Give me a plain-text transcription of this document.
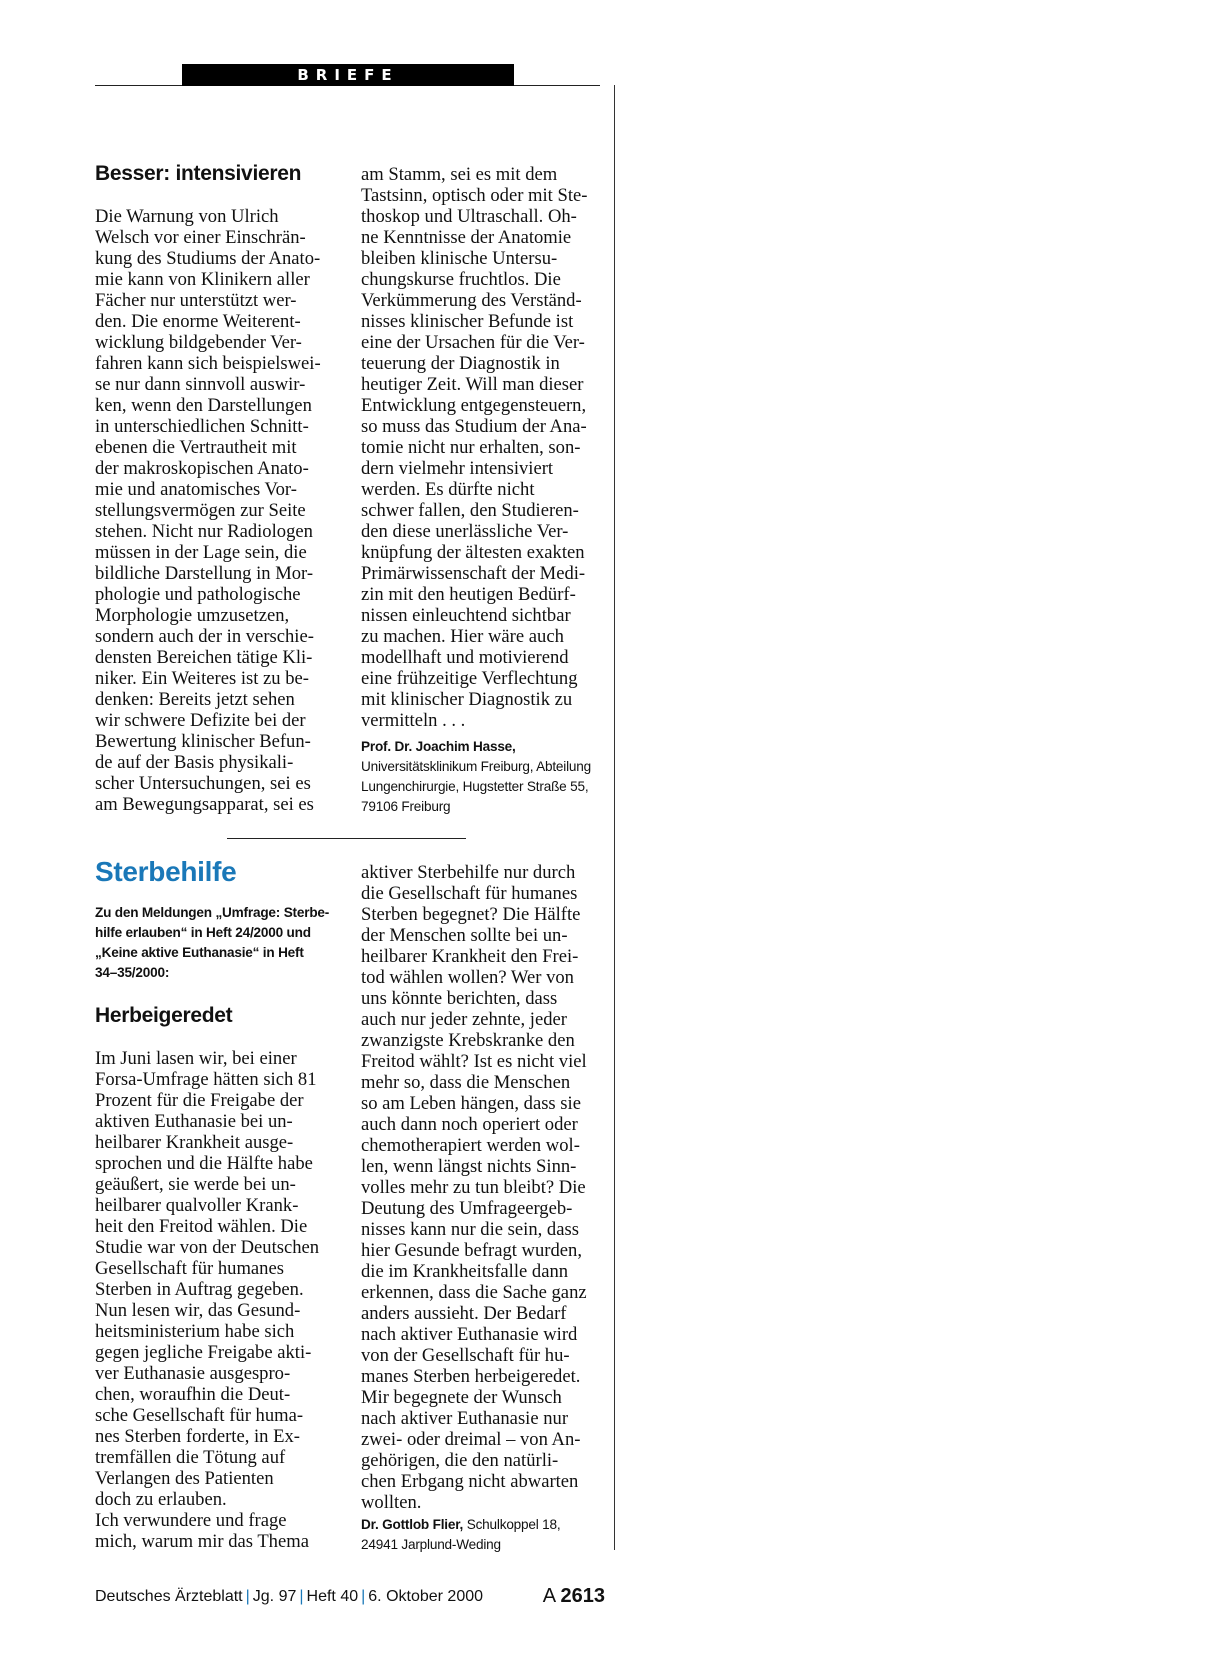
BRIEFE
Besser: intensivieren
Die Warnung von Ulrich
Welsch vor einer Einschrän-
kung des Studiums der Anato-
mie kann von Klinikern aller
Fächer nur unterstützt wer-
den. Die enorme Weiterent-
wicklung bildgebender Ver-
fahren kann sich beispielswei-
se nur dann sinnvoll auswir-
ken, wenn den Darstellungen
in unterschiedlichen Schnitt-
ebenen die Vertrautheit mit
der makroskopischen Anato-
mie und anatomisches Vor-
stellungsvermögen zur Seite
stehen. Nicht nur Radiologen
müssen in der Lage sein, die
bildliche Darstellung in Mor-
phologie und pathologische
Morphologie umzusetzen,
sondern auch der in verschie-
densten Bereichen tätige Kli-
niker. Ein Weiteres ist zu be-
denken: Bereits jetzt sehen
wir schwere Defizite bei der
Bewertung klinischer Befun-
de auf der Basis physikali-
scher Untersuchungen, sei es
am Bewegungsapparat, sei es
am Stamm, sei es mit dem
Tastsinn, optisch oder mit Ste-
thoskop und Ultraschall. Oh-
ne Kenntnisse der Anatomie
bleiben klinische Untersu-
chungskurse fruchtlos. Die
Verkümmerung des Verständ-
nisses klinischer Befunde ist
eine der Ursachen für die Ver-
teuerung der Diagnostik in
heutiger Zeit. Will man dieser
Entwicklung entgegensteuern,
so muss das Studium der Ana-
tomie nicht nur erhalten, son-
dern vielmehr intensiviert
werden. Es dürfte nicht
schwer fallen, den Studieren-
den diese unerlässliche Ver-
knüpfung der ältesten exakten
Primärwissenschaft der Medi-
zin mit den heutigen Bedürf-
nissen einleuchtend sichtbar
zu machen. Hier wäre auch
modellhaft und motivierend
eine frühzeitige Verflechtung
mit klinischer Diagnostik zu
vermitteln . . .
Prof. Dr. Joachim Hasse,
Universitätsklinikum Freiburg, Abteilung
Lungenchirurgie, Hugstetter Straße 55,
79106 Freiburg
Sterbehilfe
Zu den Meldungen „Umfrage: Sterbe-
hilfe erlauben“ in Heft 24/2000 und
„Keine aktive Euthanasie“ in Heft
34–35/2000:
Herbeigeredet
Im Juni lasen wir, bei einer
Forsa-Umfrage hätten sich 81
Prozent für die Freigabe der
aktiven Euthanasie bei un-
heilbarer Krankheit ausge-
sprochen und die Hälfte habe
geäußert, sie werde bei un-
heilbarer qualvoller Krank-
heit den Freitod wählen. Die
Studie war von der Deutschen
Gesellschaft für humanes
Sterben in Auftrag gegeben.
Nun lesen wir, das Gesund-
heitsministerium habe sich
gegen jegliche Freigabe akti-
ver Euthanasie ausgespro-
chen, woraufhin die Deut-
sche Gesellschaft für huma-
nes Sterben forderte, in Ex-
tremfällen die Tötung auf
Verlangen des Patienten
doch zu erlauben.
Ich verwundere und frage
mich, warum mir das Thema
aktiver Sterbehilfe nur durch
die Gesellschaft für humanes
Sterben begegnet? Die Hälfte
der Menschen sollte bei un-
heilbarer Krankheit den Frei-
tod wählen wollen? Wer von
uns könnte berichten, dass
auch nur jeder zehnte, jeder
zwanzigste Krebskranke den
Freitod wählt? Ist es nicht viel
mehr so, dass die Menschen
so am Leben hängen, dass sie
auch dann noch operiert oder
chemotherapiert werden wol-
len, wenn längst nichts Sinn-
volles mehr zu tun bleibt? Die
Deutung des Umfrageergeb-
nisses kann nur die sein, dass
hier Gesunde befragt wurden,
die im Krankheitsfalle dann
erkennen, dass die Sache ganz
anders aussieht. Der Bedarf
nach aktiver Euthanasie wird
von der Gesellschaft für hu-
manes Sterben herbeigeredet.
Mir begegnete der Wunsch
nach aktiver Euthanasie nur
zwei- oder dreimal – von An-
gehörigen, die den natürli-
chen Erbgang nicht abwarten
wollten.
Dr. Gottlob Flier, Schulkoppel 18,
24941 Jarplund-Weding
Deutsches Ärzteblatt | Jg. 97 | Heft 40 | 6. Oktober 2000	A 2613
